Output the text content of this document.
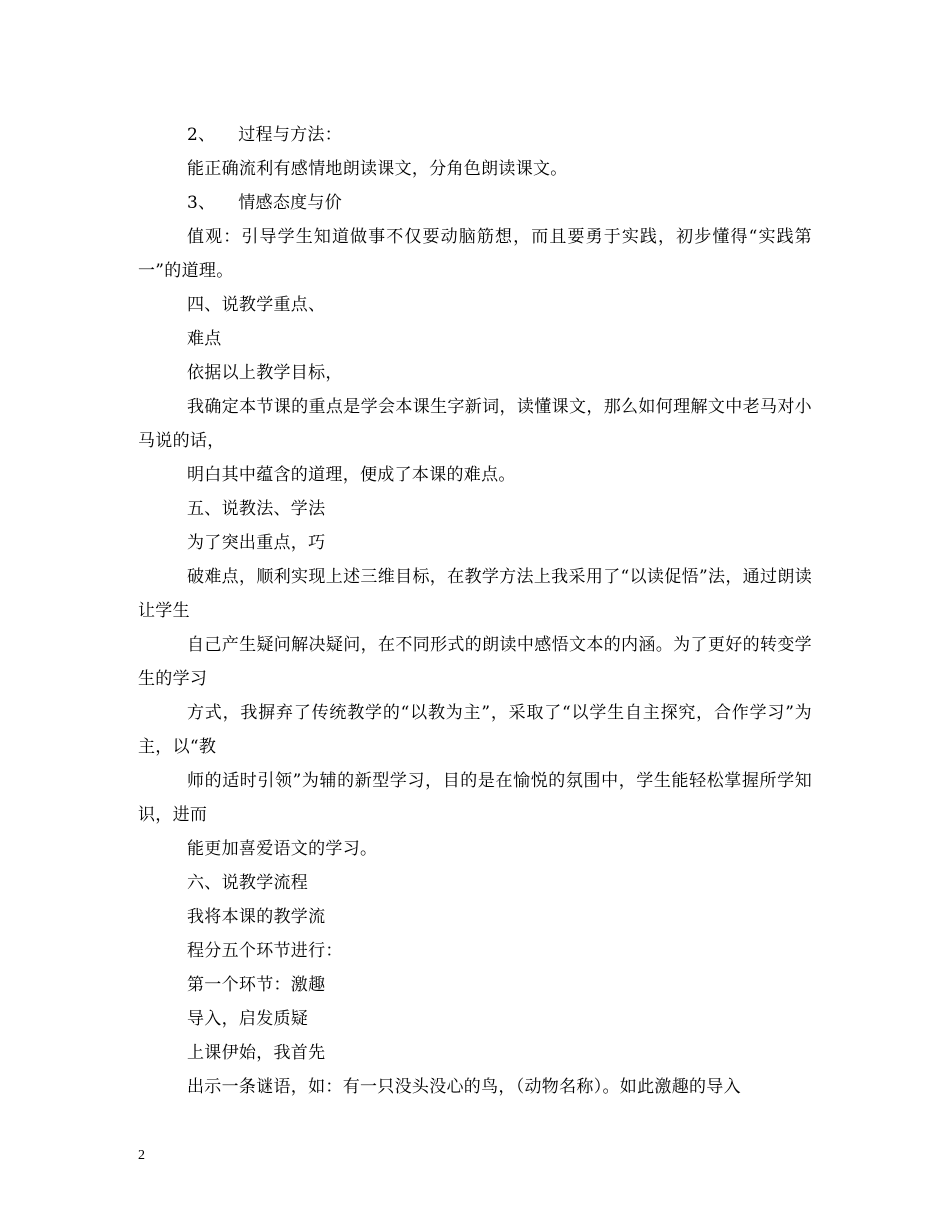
2、    过程与方法：

能正确流利有感情地朗读课文，分角色朗读课文。

3、    情感态度与价

值观：引导学生知道做事不仅要动脑筋想，而且要勇于实践，初步懂得“实践第一”的道理。

四、说教学重点、

难点

依据以上教学目标，

我确定本节课的重点是学会本课生字新词，读懂课文，那么如何理解文中老马对小马说的话，

明白其中蕴含的道理，便成了本课的难点。

五、说教法、学法

为了突出重点，巧

破难点，顺利实现上述三维目标，在教学方法上我采用了“以读促悟”法，通过朗读让学生

自己产生疑问解决疑问，在不同形式的朗读中感悟文本的内涵。为了更好的转变学生的学习

方式，我摒弃了传统教学的“以教为主”，采取了“以学生自主探究，合作学习”为主，以“教

师的适时引领”为辅的新型学习，目的是在愉悦的氛围中，学生能轻松掌握所学知识，进而

能更加喜爱语文的学习。

六、说教学流程

我将本课的教学流

程分五个环节进行：

第一个环节：激趣

导入，启发质疑

上课伊始，我首先

出示一条谜语，如：有一只没头没心的鸟，（动物名称）。如此激趣的导入

2
